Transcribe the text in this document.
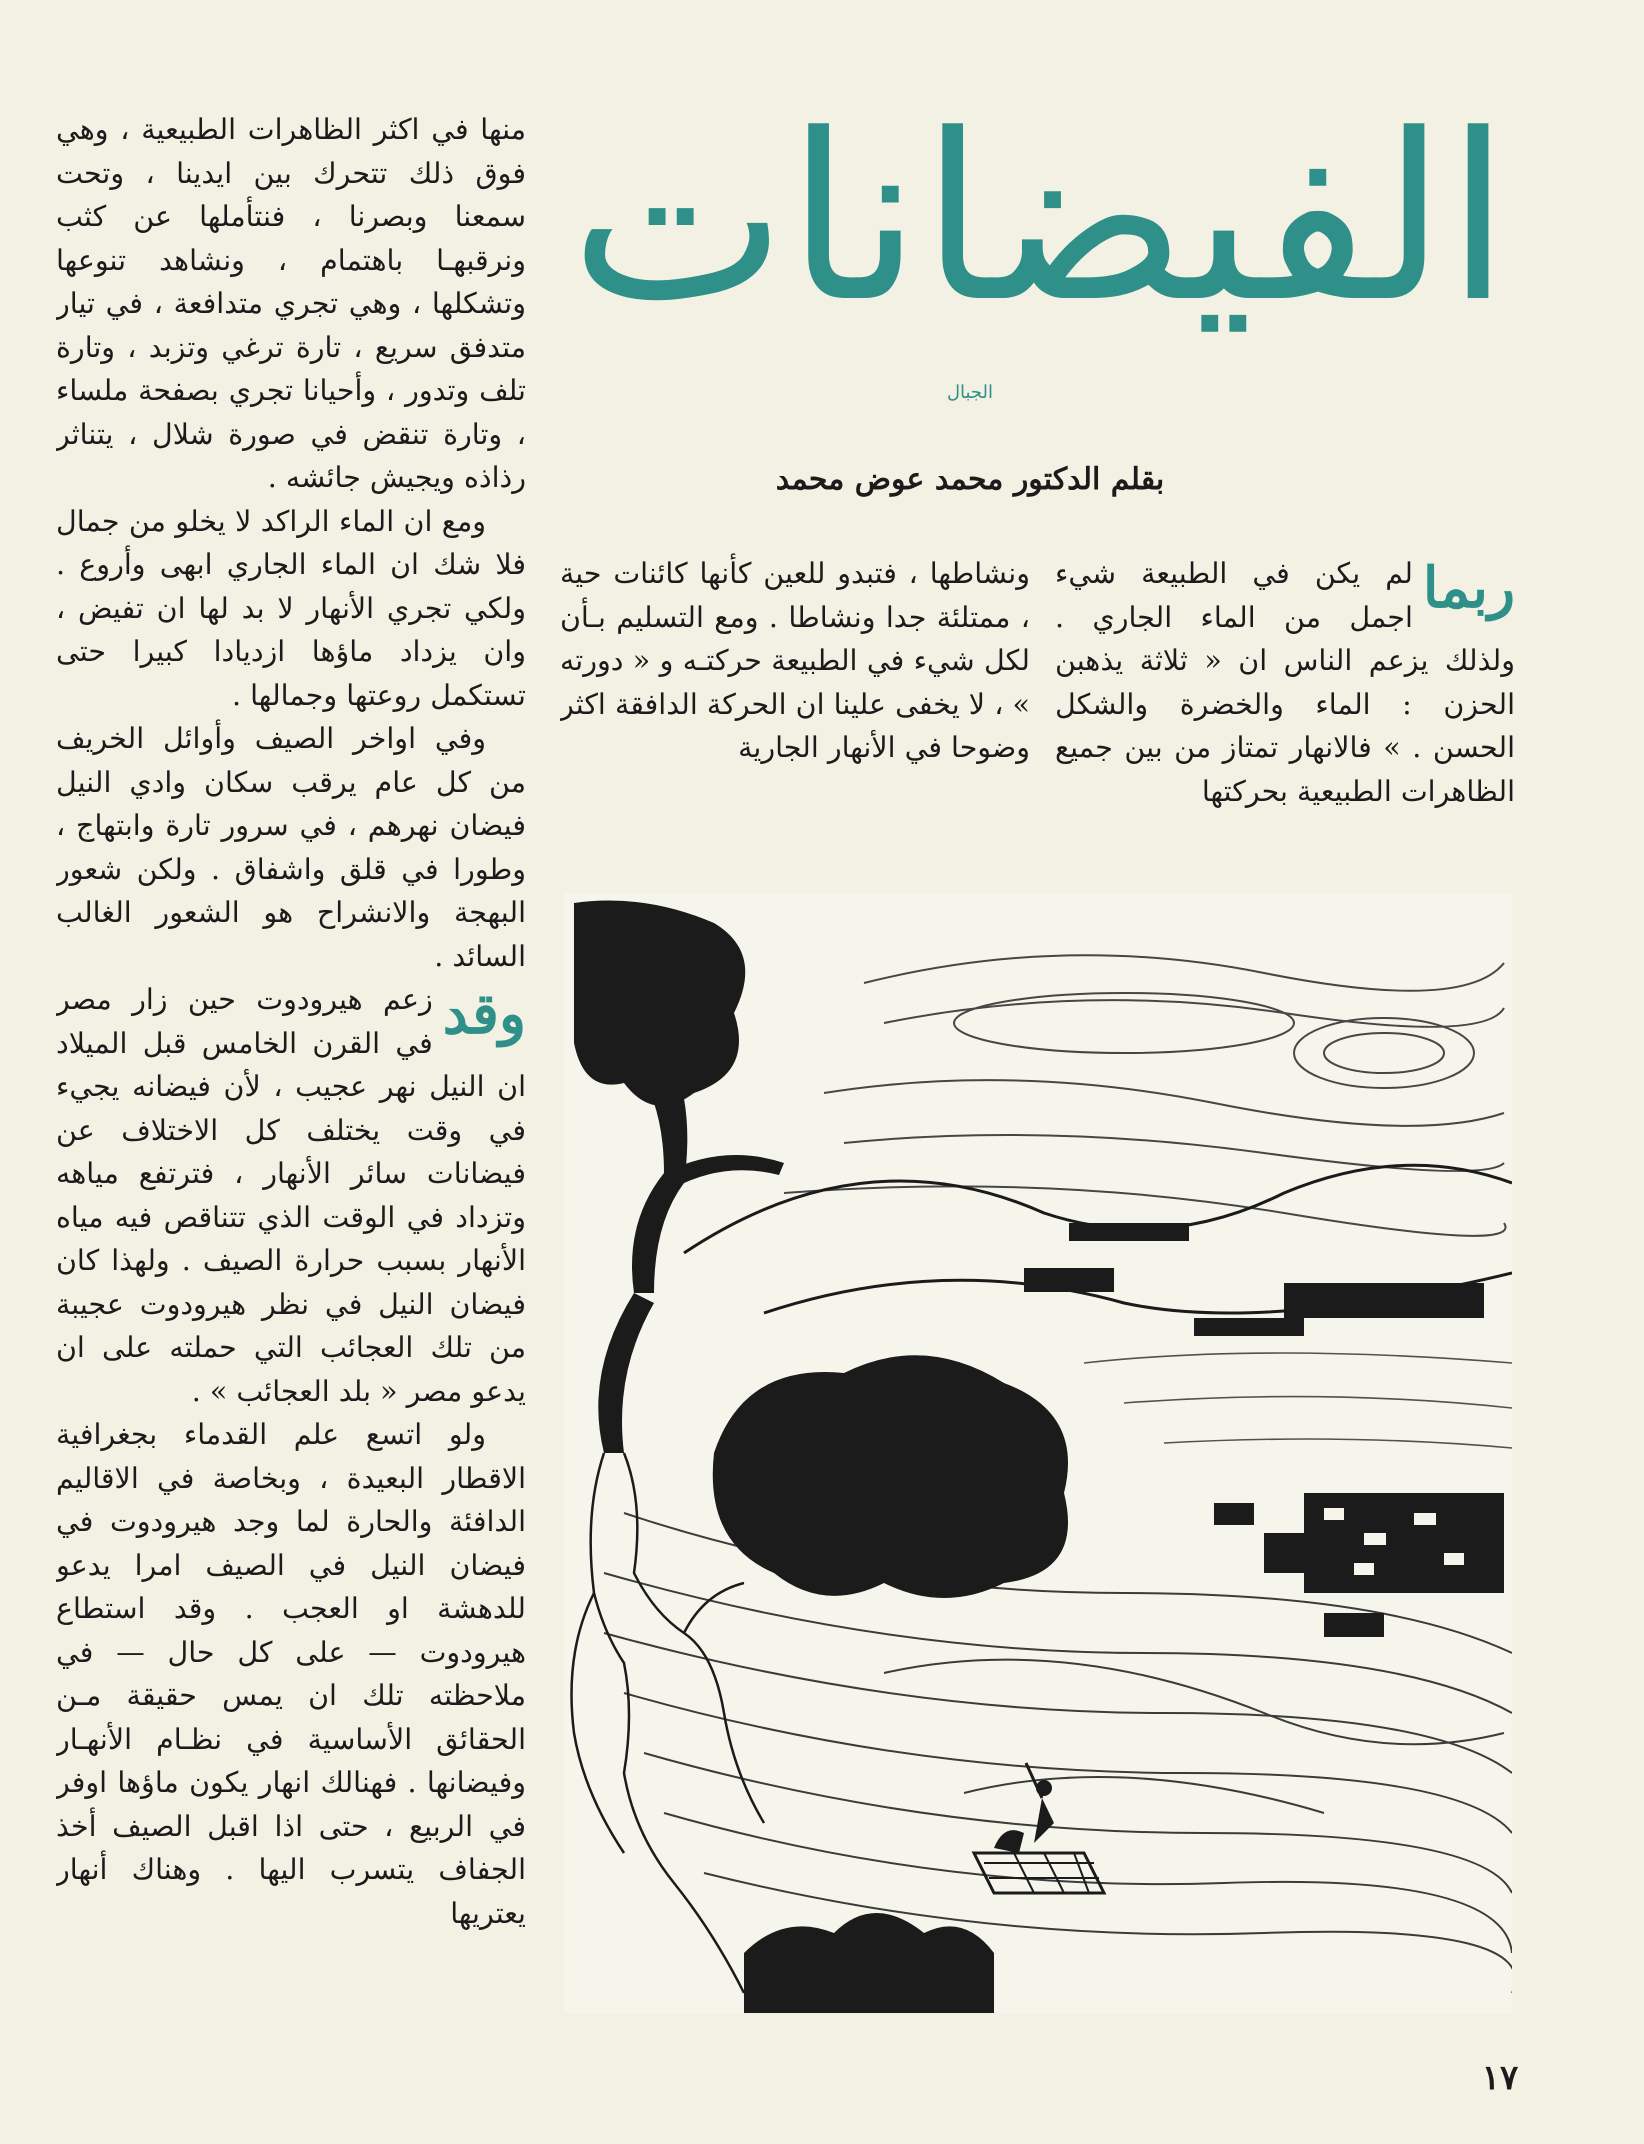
الفيضانات
الجبال
بقلم الدكتور محمد عوض محمد
ربما

لم يكن في الطبيعة شيء اجمل من الماء الجاري . ولذلك يزعم الناس ان « ثلاثة يذهبن الحزن : الماء والخضرة والشكل الحسن . » فالانهار تمتاز من بين جميع الظاهرات الطبيعية بحركتها

ونشاطها ، فتبدو للعين كأنها كائنات حية ، ممتلئة جدا ونشاطا . ومع التسليم بـأن لكل شيء في الطبيعة حركتـه و « دورته » ، لا يخفى علينا ان الحركة الدافقة اكثر وضوحا في الأنهار الجارية

منها في اكثر الظاهرات الطبيعية ، وهي فوق ذلك تتحرك بين ايدينا ، وتحت سمعنا وبصرنا ، فنتأملها عن كثب ونرقبهـا باهتمام ، ونشاهد تنوعها وتشكلها ، وهي تجري متدافعة ، في تيار متدفق سريع ، تارة ترغي وتزبد ، وتارة تلف وتدور ، وأحيانا تجري بصفحة ملساء ، وتارة تنقض في صورة شلال ، يتناثر رذاذه ويجيش جائشه .

ومع ان الماء الراكد لا يخلو من جمال فلا شك ان الماء الجاري ابهى وأروع . ولكي تجري الأنهار لا بد لها ان تفيض ، وان يزداد ماؤها ازديادا كبيرا حتى تستكمل روعتها وجمالها .

وفي اواخر الصيف وأوائل الخريف من كل عام يرقب سكان وادي النيل فيضان نهرهم ، في سرور تارة وابتهاج ، وطورا في قلق واشفاق . ولكن شعور البهجة والانشراح هو الشعور الغالب السائد .

وقد
زعم هيرودوت حين زار مصر في القرن الخامس قبل الميلاد ان النيل نهر عجيب ، لأن فيضانه يجيء في وقت يختلف كل الاختلاف عن فيضانات سائر الأنهار ، فترتفع مياهه وتزداد في الوقت الذي تتناقص فيه مياه الأنهار بسبب حرارة الصيف . ولهذا كان فيضان النيل في نظر هيرودوت عجيبة من تلك العجائب التي حملته على ان يدعو مصر « بلد العجائب » .

ولو اتسع علم القدماء بجغرافية الاقطار البعيدة ، وبخاصة في الاقاليم الدافئة والحارة لما وجد هيرودوت في فيضان النيل في الصيف امرا يدعو للدهشة او العجب . وقد استطاع هيرودوت — على كل حال — في ملاحظته تلك ان يمس حقيقة مـن الحقائق الأساسية في نظـام الأنهـار وفيضانها . فهنالك انهار يكون ماؤها اوفر في الربيع ، حتى اذا اقبل الصيف أخذ الجفاف يتسرب اليها . وهناك أنهار يعتريها

١٧
